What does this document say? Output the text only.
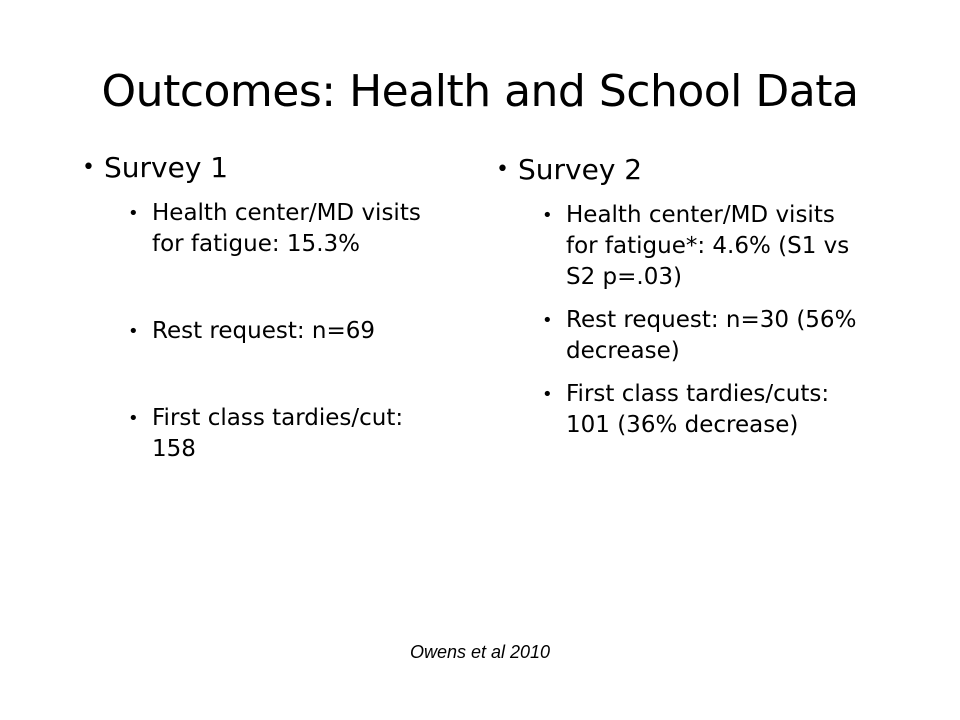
Outcomes: Health and School Data
• Survey 1
• Health center/MD visits for fatigue: 15.3%
• Rest request: n=69
• First class tardies/cut: 158
• Survey 2
• Health center/MD visits for fatigue*: 4.6% (S1 vs S2 p=.03)
• Rest request: n=30 (56% decrease)
• First class tardies/cuts: 101 (36% decrease)
Owens et al 2010
